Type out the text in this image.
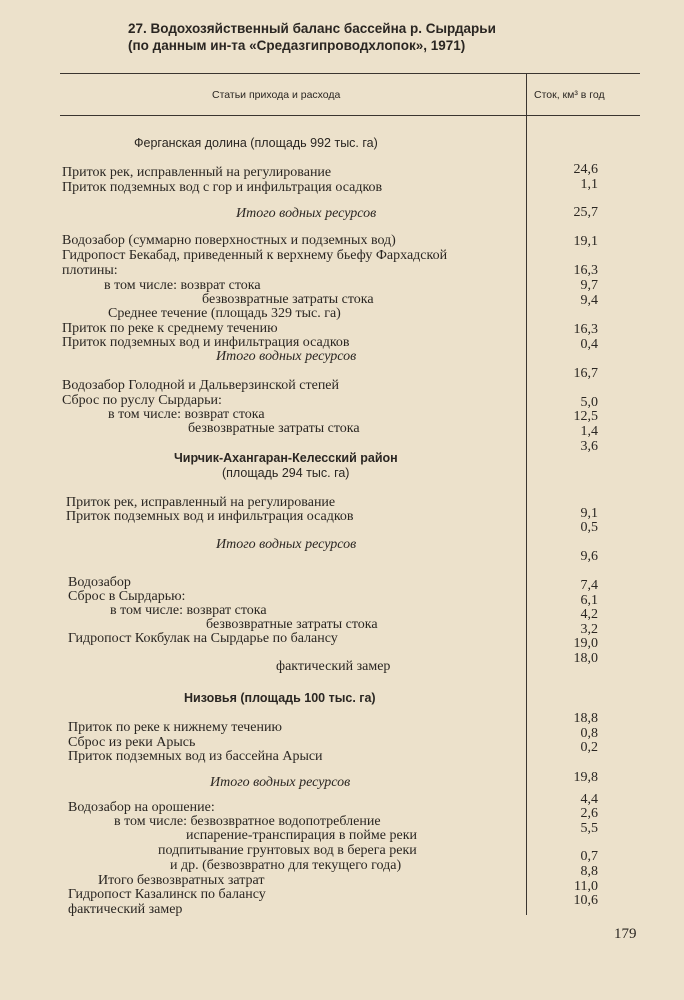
27. Водохозяйственный баланс бассейна р. Сырдарьи
(по данным ин-та «Средазгипроводхлопок», 1971)
Статьи прихода и расхода	Сток, км³ в год
Ферганская долина (площадь 992 тыс. га)
Приток рек, исправленный на регулирование
Приток подземных вод с гор и инфильтрация осадков
Итого водных ресурсов
Водозабор (суммарно поверхностных и подземных вод)
Гидропост Бекабад, приведенный к верхнему бьефу Фархадской
плотины:
в том числе: возврат стока
безвозвратные затраты стока
Среднее течение (площадь 329 тыс. га)
Приток по реке к среднему течению
Приток подземных вод и инфильтрация осадков
Итого водных ресурсов
Водозабор Голодной и Дальверзинской степей
Сброс по руслу Сырдарьи:
в том числе: возврат стока
безвозвратные затраты стока
Чирчик-Ахангаран-Келесский район
(площадь 294 тыс. га)
Приток рек, исправленный на регулирование
Приток подземных вод и инфильтрация осадков
Итого водных ресурсов
Водозабор
Сброс в Сырдарью:
в том числе: возврат стока
безвозвратные затраты стока
Гидропост Кокбулак на Сырдарье по балансу
фактический замер
Низовья (площадь 100 тыс. га)
Приток по реке к нижнему течению
Сброс из реки Арысь
Приток подземных вод из бассейна Арыси
Итого водных ресурсов
Водозабор на орошение:
в том числе: безвозвратное водопотребление
испарение-транспирация в пойме реки
подпитывание грунтовых вод в берега реки
и др. (безвозвратно для текущего года)
Итого безвозвратных затрат
Гидропост Казалинск по балансу
фактический замер
24,6
1,1
25,7
19,1
16,3
9,7
9,4
16,3
0,4
16,7
5,0
12,5
1,4
3,6
9,1
0,5
9,6
7,4
6,1
4,2
3,2
19,0
18,0
18,8
0,8
0,2
19,8
4,4
2,6
5,5
0,7
8,8
11,0
10,6
179
